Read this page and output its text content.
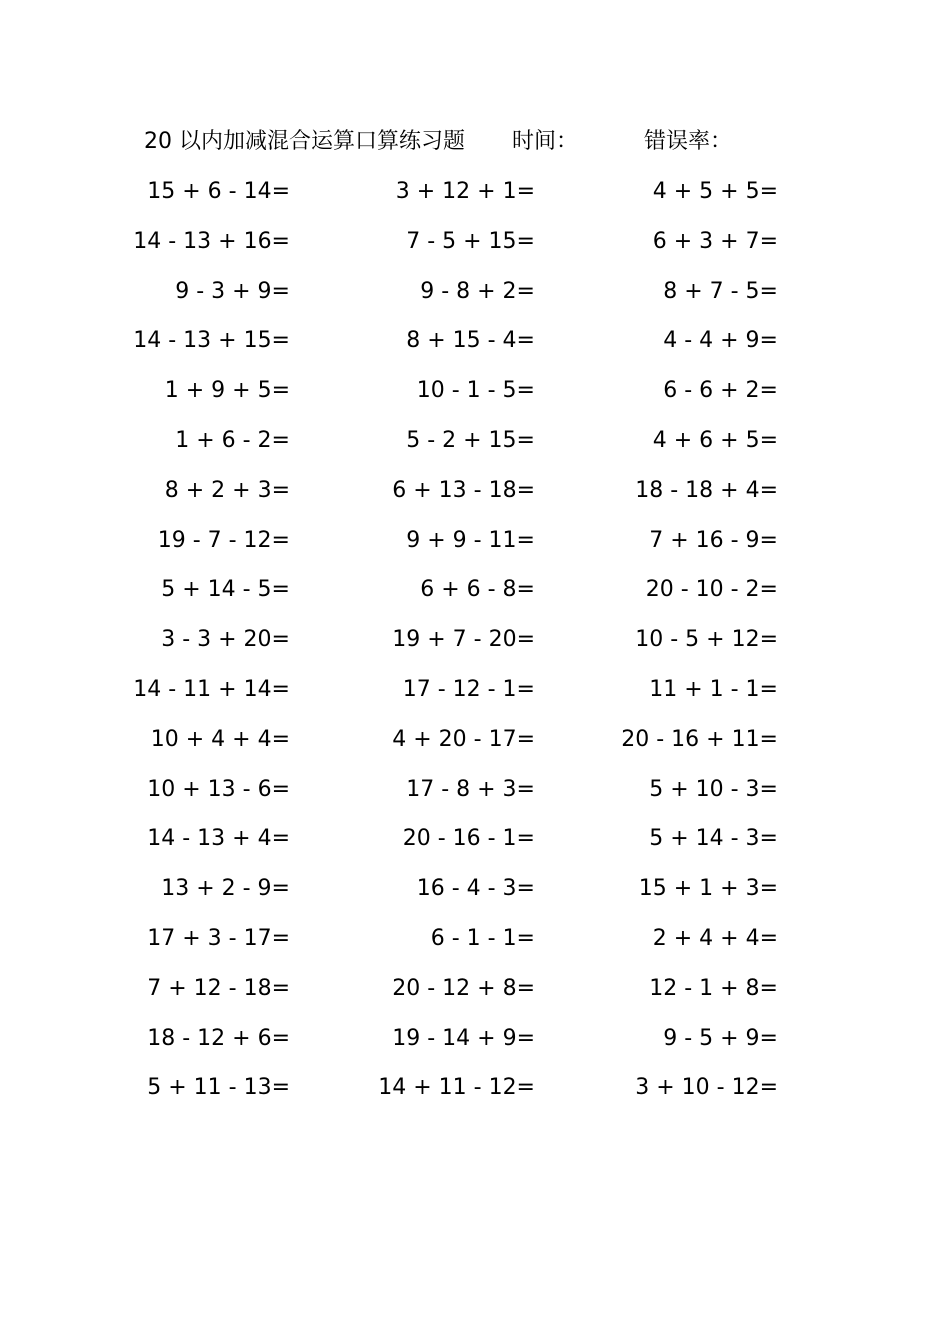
20 以内加减混合运算口算练习题 时间：	错误率：
15 + 6 - 14=	3 + 12 + 1=	4 + 5 + 5=
14 - 13 + 16=	7 - 5 + 15=	6 + 3 + 7=
9 - 3 + 9=	9 - 8 + 2=	8 + 7 - 5=
14 - 13 + 15=	8 + 15 - 4=	4 - 4 + 9=
1 + 9 + 5=	10 - 1 - 5=	6 - 6 + 2=
1 + 6 - 2=	5 - 2 + 15=	4 + 6 + 5=
8 + 2 + 3=	6 + 13 - 18=	18 - 18 + 4=
19 - 7 - 12=	9 + 9 - 11=	7 + 16 - 9=
5 + 14 - 5=	6 + 6 - 8=	20 - 10 - 2=
3 - 3 + 20=	19 + 7 - 20=	10 - 5 + 12=
14 - 11 + 14=	17 - 12 - 1=	11 + 1 - 1=
10 + 4 + 4=	4 + 20 - 17=	20 - 16 + 11=
10 + 13 - 6=	17 - 8 + 3=	5 + 10 - 3=
14 - 13 + 4=	20 - 16 - 1=	5 + 14 - 3=
13 + 2 - 9=	16 - 4 - 3=	15 + 1 + 3=
17 + 3 - 17=	6 - 1 - 1=	2 + 4 + 4=
7 + 12 - 18=	20 - 12 + 8=	12 - 1 + 8=
18 - 12 + 6=	19 - 14 + 9=	9 - 5 + 9=
5 + 11 - 13=	14 + 11 - 12=	3 + 10 - 12=
